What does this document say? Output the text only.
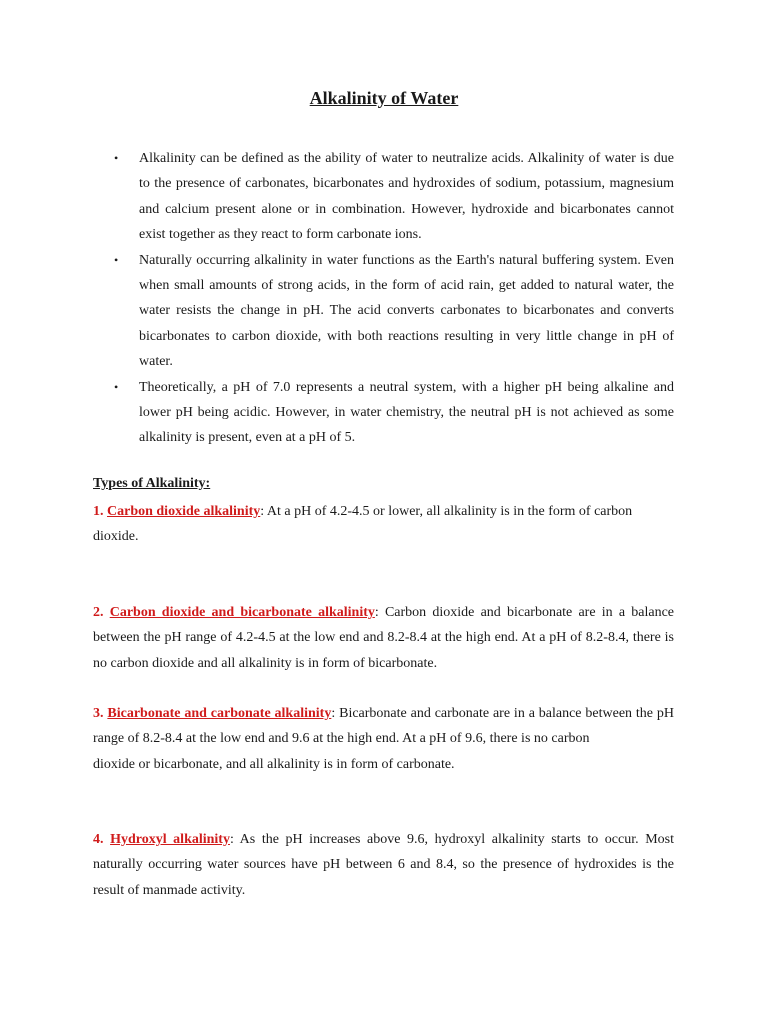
Alkalinity of Water
• Alkalinity can be defined as the ability of water to neutralize acids. Alkalinity of water is due to the presence of carbonates, bicarbonates and hydroxides of sodium, potassium, magnesium and calcium present alone or in combination. However, hydroxide and bicarbonates cannot exist together as they react to form carbonate ions.
• Naturally occurring alkalinity in water functions as the Earth's natural buffering system. Even when small amounts of strong acids, in the form of acid rain, get added to natural water, the water resists the change in pH. The acid converts carbonates to bicarbonates and converts bicarbonates to carbon dioxide, with both reactions resulting in very little change in pH of water.
• Theoretically, a pH of 7.0 represents a neutral system, with a higher pH being alkaline and lower pH being acidic. However, in water chemistry, the neutral pH is not achieved as some alkalinity is present, even at a pH of 5.
Types of Alkalinity:

1. Carbon dioxide alkalinity: At a pH of 4.2-4.5 or lower, all alkalinity is in the form of carbon
dioxide.

2. Carbon dioxide and bicarbonate alkalinity: Carbon dioxide and bicarbonate are in a balance between the pH range of 4.2-4.5 at the low end and 8.2-8.4 at the high end. At a pH of 8.2-8.4, there is no carbon dioxide and all alkalinity is in form of bicarbonate.

3. Bicarbonate and carbonate alkalinity: Bicarbonate and carbonate are in a balance between the pH range of 8.2-8.4 at the low end and 9.6 at the high end. At a pH of 9.6, there is no carbon
dioxide or bicarbonate, and all alkalinity is in form of carbonate.

4. Hydroxyl alkalinity: As the pH increases above 9.6, hydroxyl alkalinity starts to occur. Most naturally occurring water sources have pH between 6 and 8.4, so the presence of hydroxides is the result of manmade activity.
